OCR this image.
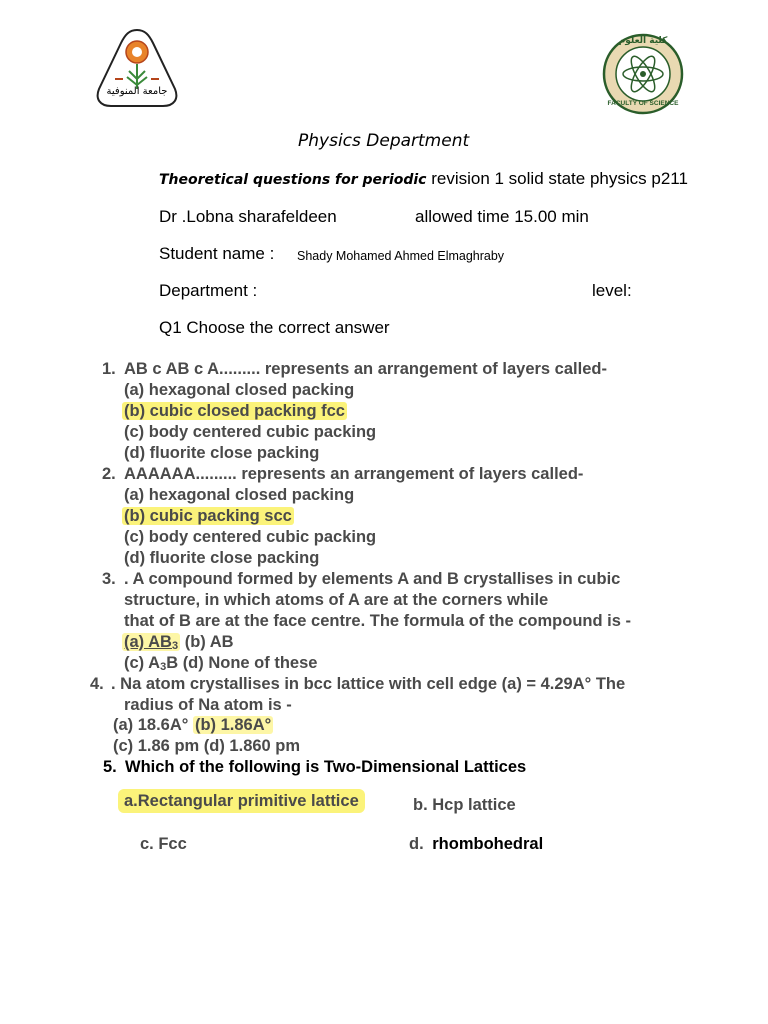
جامعة المنوفية
كلية العلوم
FACULTY OF SCIENCE
Physics Department
Theoretical questions for periodic revision 1 solid state physics p211
Dr .Lobna sharafeldeen	allowed time 15.00 min
Student name : Shady Mohamed Ahmed Elmaghraby
Department :	level:
Q1 Choose the correct answer
1. AB c AB c A......... represents an arrangement of layers called-
(a) hexagonal closed packing
(b) cubic closed packing fcc
(c) body centered cubic packing
(d) fluorite close packing
2. AAAAAA......... represents an arrangement of layers called-
(a) hexagonal closed packing
(b) cubic packing scc
(c) body centered cubic packing
(d) fluorite close packing
3. . A compound formed by elements A and B crystallises in cubic
structure, in which atoms of A are at the corners while
that of B are at the face centre. The formula of the compound is -
(a) $AB_3$ (b) AB
(c) $A_3B$ (d) None of these
4. . Na atom crystallises in bcc lattice with cell edge (a) = 4.29A° The
radius of Na atom is -
(a) 18.6A° (b) 1.86A°
(c) 1.86 pm (d) 1.860 pm
5. Which of the following is Two-Dimensional Lattices
a.Rectangular primitive lattice	b. Hcp lattice
c. Fcc	d. rhombohedral
